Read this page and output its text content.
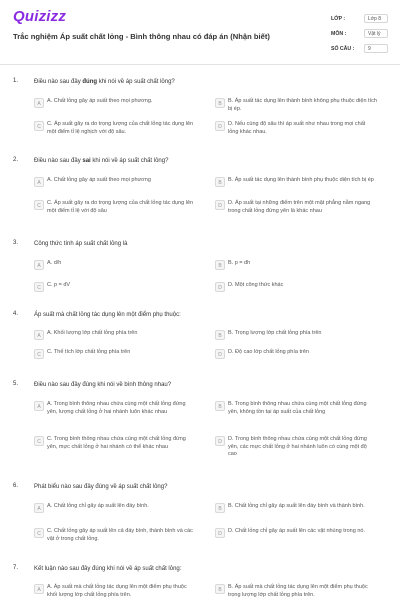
Quizizz
Trắc nghiệm Áp suất chất lỏng - Bình thông nhau có đáp án (Nhận biết)
LỚP :	Lớp 8
MÔN :	Vật lý
SỐ CÂU :	9
1.	Điều nào sau đây đúng khi nói về áp suất chất lỏng?
A	A. Chất lỏng gây áp suất theo mọi phương.	B	B. Áp suất tác dụng lên thành bình không phụ thuộc diện tích bị ép.
C	C. Áp suất gây ra do trọng lượng của chất lỏng tác dụng lên một điểm tỉ lệ nghịch với độ sâu.
D	D. Nếu cùng độ sâu thì áp suất như nhau trong mọi chất lỏng khác nhau.
2.	Điều nào sau đây sai khi nói về áp suất chất lỏng?
A	A. Chất lỏng gây áp suất theo mọi phương	B	B. Áp suất tác dụng lên thành bình phụ thuộc diện tích bị ép
C	C. Áp suất gây ra do trọng lượng của chất lỏng tác dụng lên một điểm tỉ lệ với độ sâu
D	D. Áp suất tại những điểm trên một mặt phẳng nằm ngang trong chất lỏng đứng yên là khác nhau
3.	Công thức tính áp suất chất lỏng là
A	A. d/h	B	B. p = dh
C	C. p = dV	D	D. Một công thức khác
4.	Áp suất mà chất lỏng tác dụng lên một điểm phụ thuộc:
A	A. Khối lượng lớp chất lỏng phía trên	B	B. Trọng lượng lớp chất lỏng phía trên
C	C. Thể tích lớp chất lỏng phía trên	D	D. Độ cao lớp chất lỏng phía trên
5.	Điều nào sau đây đúng khi nói về bình thông nhau?
A	A. Trong bình thông nhau chứa cùng một chất lỏng đứng yên, lượng chất lỏng ở hai nhánh luôn khác nhau
B	B. Trong bình thông nhau chứa cùng một chất lỏng đứng yên, không tồn tại áp suất của chất lỏng
C	C. Trong bình thông nhau chứa cùng một chất lỏng đứng yên, mực chất lỏng ở hai nhánh có thể khác nhau
D	D. Trong bình thông nhau chứa cùng một chất lỏng đứng yên, các mực chất lỏng ở hai nhánh luôn có cùng một độ cao
6.	Phát biểu nào sau đây đúng về áp suất chất lỏng?
A	A. Chất lỏng chỉ gây áp suất lên đáy bình.	B	B. Chất lỏng chỉ gây áp suất lên đáy bình và thành bình.
C	C. Chất lỏng gây áp suất lên cả đáy bình, thành bình và các vật ở trong chất lỏng.
D	D. Chất lỏng chỉ gây áp suất lên các vật nhúng trong nó.
7.	Kết luận nào sau đây đúng khi nói về áp suất chất lỏng:
A	A. Áp suất mà chất lỏng tác dụng lên một điểm phụ thuộc khối lượng lớp chất lỏng phía trên.
B	B. Áp suất mà chất lỏng tác dụng lên một điểm phụ thuộc trọng lượng lớp chất lỏng phía trên.
